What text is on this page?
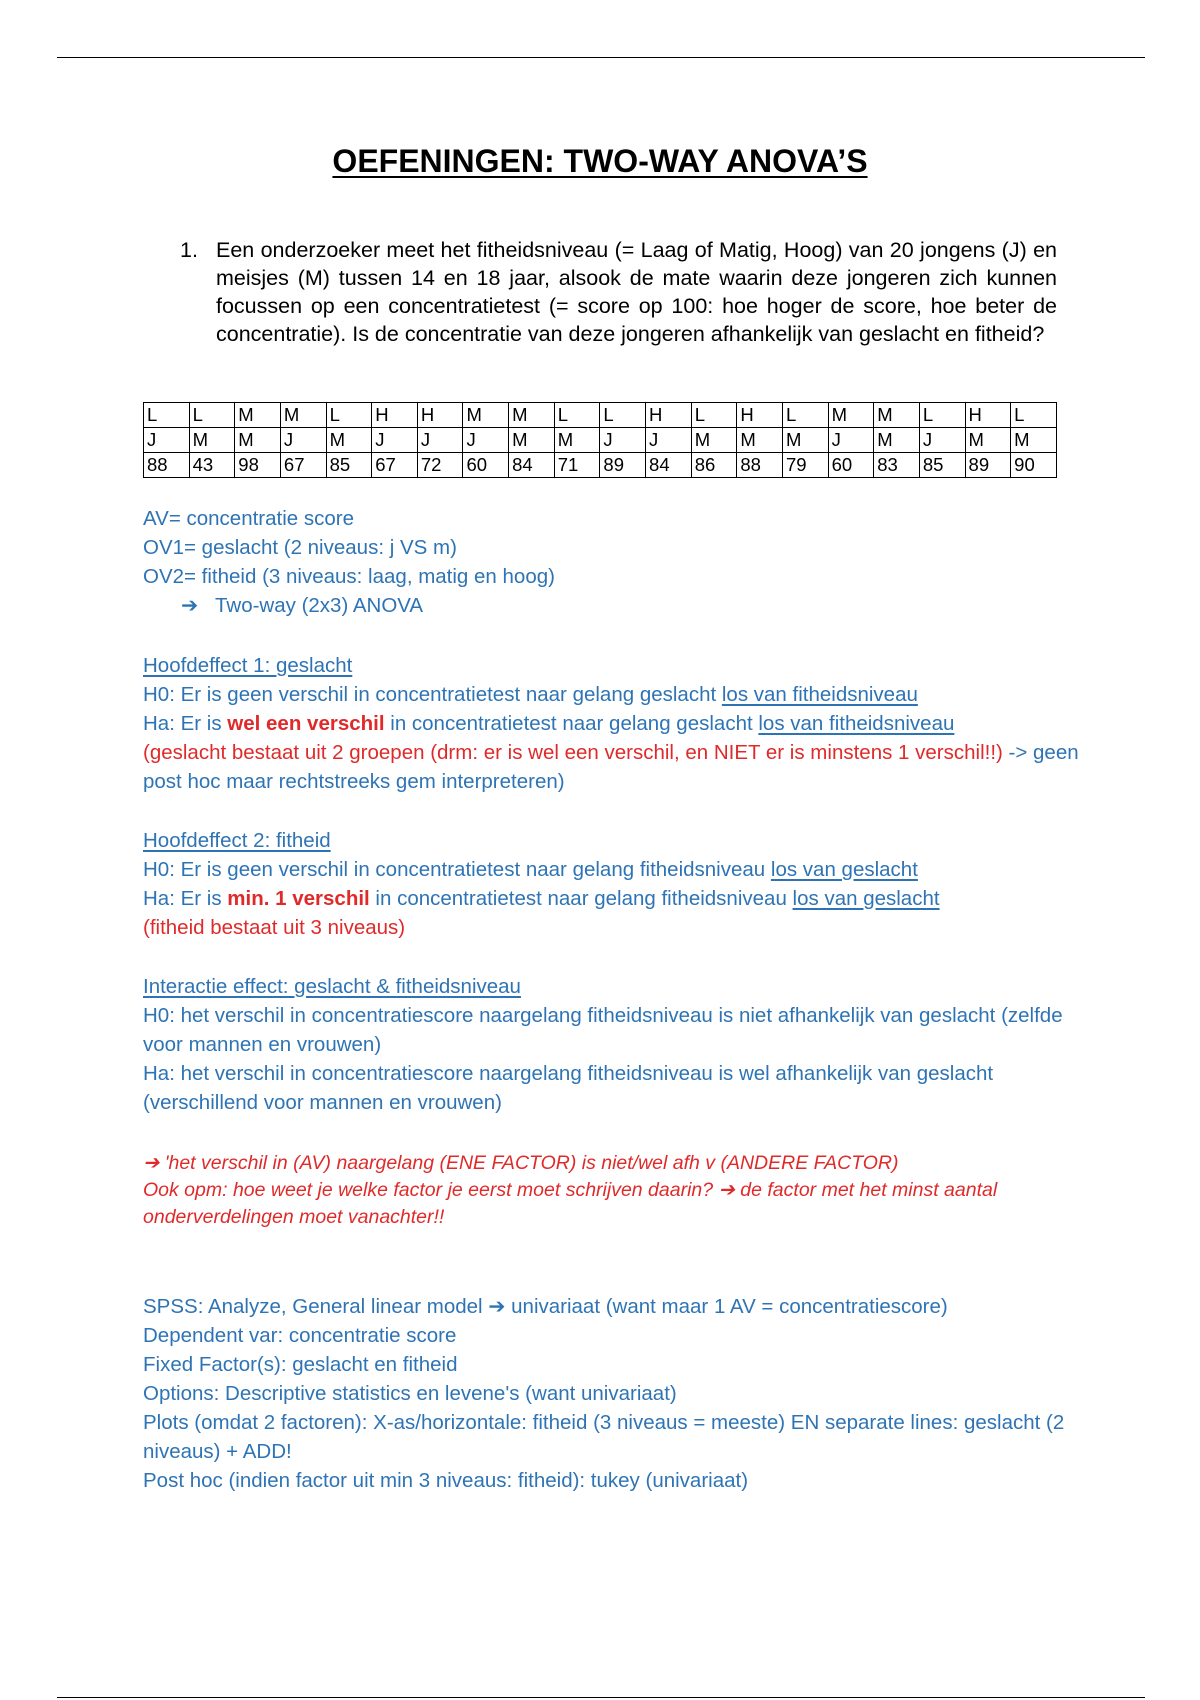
OEFENINGEN: TWO-WAY ANOVA’S
1. Een onderzoeker meet het fitheidsniveau (= Laag of Matig, Hoog) van 20 jongens (J) en meisjes (M) tussen 14 en 18 jaar, alsook de mate waarin deze jongeren zich kunnen focussen op een concentratietest (= score op 100: hoe hoger de score, hoe beter de concentratie). Is de concentratie van deze jongeren afhankelijk van geslacht en fitheid?
L	L	M	M	L	H	H	M	M	L	L	H	L	H	L	M	M	L	H	L
J	M	M	J	M	J	J	J	M	M	J	J	M	M	M	J	M	J	M	M
88	43	98	67	85	67	72	60	84	71	89	84	86	88	79	60	83	85	89	90

AV= concentratie score

OV1= geslacht (2 niveaus: j VS m)

OV2= fitheid (3 niveaus: laag, matig en hoog)

➔ Two-way (2x3) ANOVA

Hoofdeffect 1: geslacht

H0: Er is geen verschil in concentratietest naar gelang geslacht los van fitheidsniveau

Ha: Er is wel een verschil in concentratietest naar gelang geslacht los van fitheidsniveau

(geslacht bestaat uit 2 groepen (drm: er is wel een verschil, en NIET er is minstens 1 verschil!!) -> geen post hoc maar rechtstreeks gem interpreteren)

Hoofdeffect 2: fitheid

H0: Er is geen verschil in concentratietest naar gelang fitheidsniveau los van geslacht

Ha: Er is min. 1 verschil in concentratietest naar gelang fitheidsniveau los van geslacht

(fitheid bestaat uit 3 niveaus)

Interactie effect: geslacht & fitheidsniveau

H0: het verschil in concentratiescore naargelang fitheidsniveau is niet afhankelijk van geslacht (zelfde voor mannen en vrouwen)

Ha: het verschil in concentratiescore naargelang fitheidsniveau is wel afhankelijk van geslacht (verschillend voor mannen en vrouwen)

➔ 'het verschil in (AV) naargelang (ENE FACTOR) is niet/wel afh v (ANDERE FACTOR)

Ook opm: hoe weet je welke factor je eerst moet schrijven daarin? ➔ de factor met het minst aantal onderverdelingen moet vanachter!!

SPSS: Analyze, General linear model ➔ univariaat (want maar 1 AV = concentratiescore)

Dependent var: concentratie score

Fixed Factor(s): geslacht en fitheid

Options: Descriptive statistics en levene's (want univariaat)

Plots (omdat 2 factoren): X-as/horizontale: fitheid (3 niveaus = meeste) EN separate lines: geslacht (2 niveaus) + ADD!

Post hoc (indien factor uit min 3 niveaus: fitheid): tukey (univariaat)
